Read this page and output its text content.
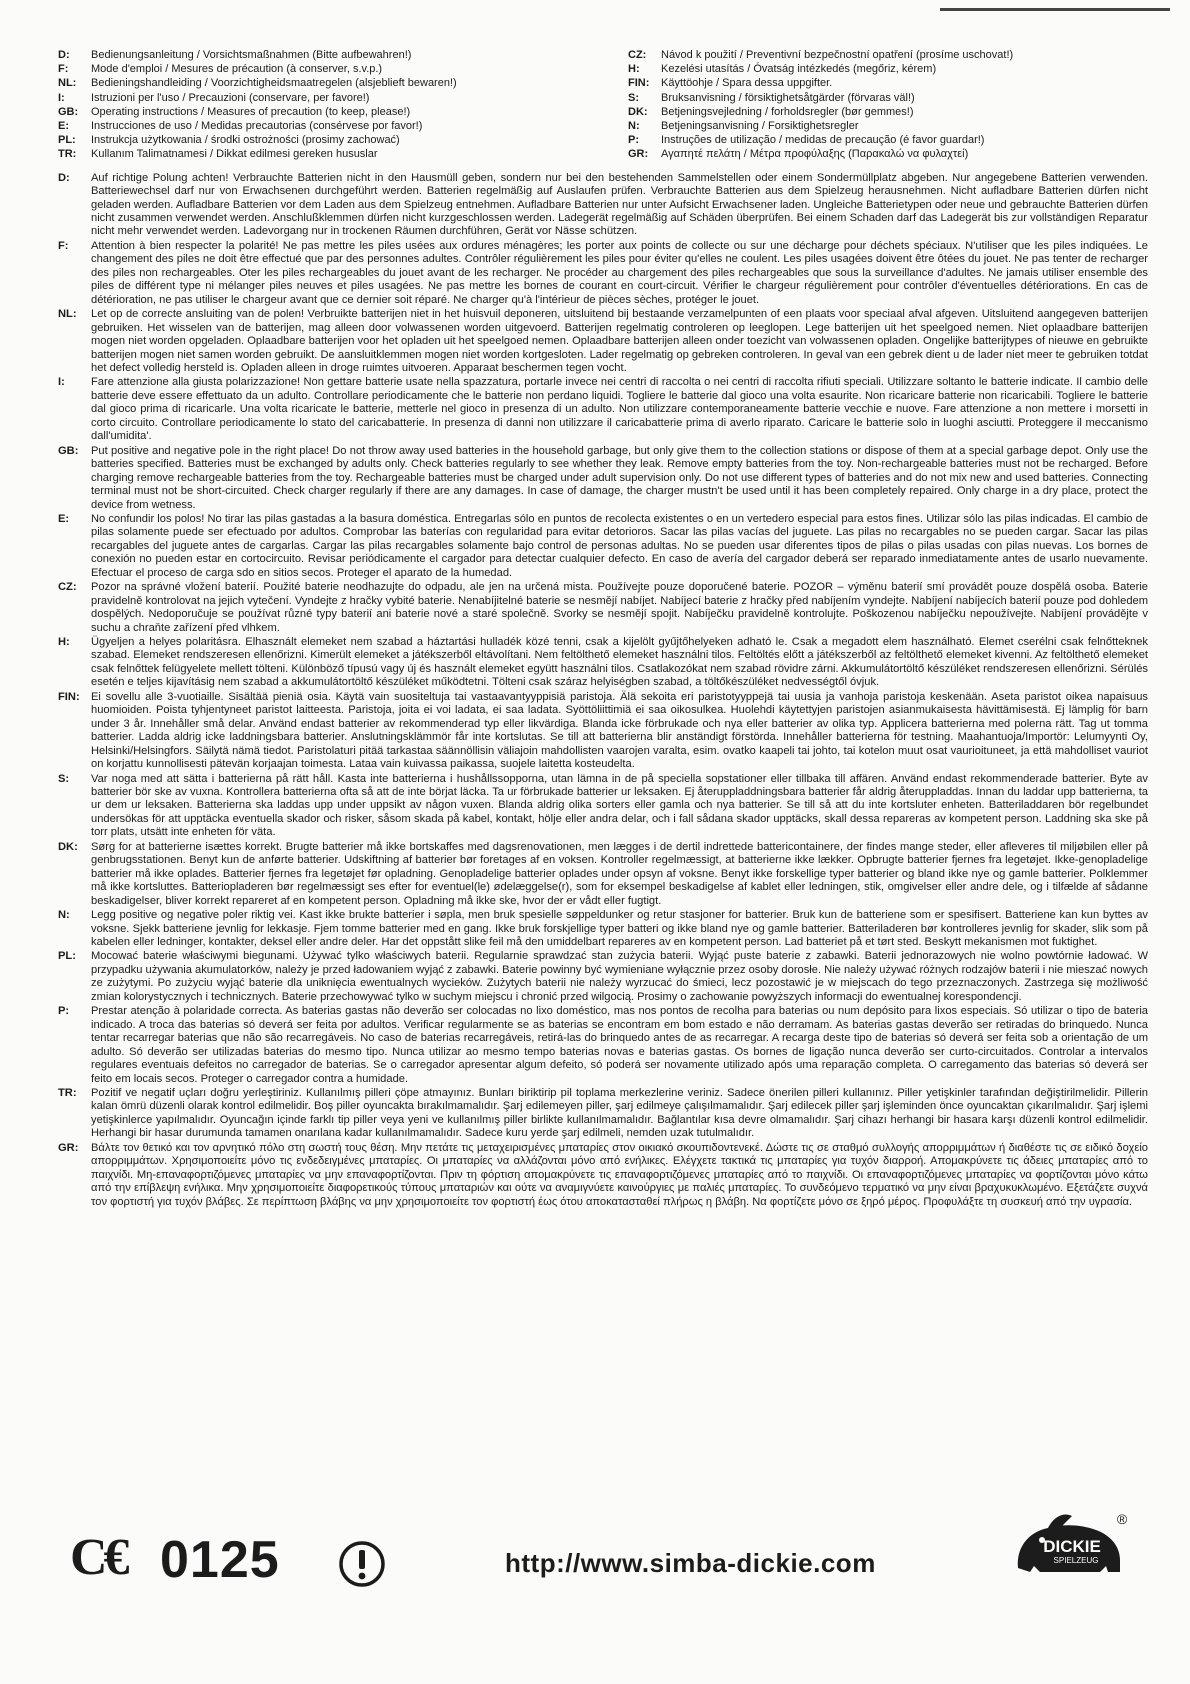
D:	Bedienungsanleitung / Vorsichtsmaßnahmen (Bitte aufbewahren!)
F:	Mode d'emploi / Mesures de précaution (à conserver, s.v.p.)
NL:	Bedieningshandleiding / Voorzichtigheidsmaatregelen (alsjeblieft bewaren!)
I:	Istruzioni per l'uso / Precauzioni (conservare, per favore!)
GB:	Operating instructions / Measures of precaution (to keep, please!)
E:	Instrucciones de uso / Medidas precautorias (consérvese por favor!)
PL:	Instrukcja użytkowania / środki ostrożności (prosimy zachować)
TR:	Kullanım Talimatnamesi / Dikkat edilmesi gereken hususlar
CZ:	Návod k použití / Preventivní bezpečnostní opatření (prosíme uschovat!)
H:	Kezelési utasítás / Óvatság intézkedés (megőriz, kérem)
FIN:	Käyttöohje / Spara dessa uppgifter.
S:	Bruksanvisning / försiktighetsåtgärder (förvaras väl!)
DK:	Betjeningsvejledning / forholdsregler (bør gemmes!)
N:	Betjeningsanvisning / Forsiktighetsregler
P:	Instruções de utilização / medidas de precaução (é favor guardar!)
GR:	Αγαπητέ πελάτη / Μέτρα προφύλαξης (Παρακαλώ να φυλαχτεί)
D:	Auf richtige Polung achten! Verbrauchte Batterien nicht in den Hausmüll geben, sondern nur bei den bestehenden Sammelstellen oder einem Sondermüllplatz abgeben. Nur angegebene Batterien verwenden. Batteriewechsel darf nur von Erwachsenen durchgeführt werden. Batterien regelmäßig auf Auslaufen prüfen. Verbrauchte Batterien aus dem Spielzeug herausnehmen. Nicht aufladbare Batterien dürfen nicht geladen werden. Aufladbare Batterien vor dem Laden aus dem Spielzeug entnehmen. Aufladbare Batterien nur unter Aufsicht Erwachsener laden. Ungleiche Batterietypen oder neue und gebrauchte Batterien dürfen nicht zusammen verwendet werden. Anschlußklemmen dürfen nicht kurzgeschlossen werden. Ladegerät regelmäßig auf Schäden überprüfen. Bei einem Schaden darf das Ladegerät bis zur vollständigen Reparatur nicht mehr verwendet werden. Ladevorgang nur in trockenen Räumen durchführen, Gerät vor Nässe schützen.
F:	Attention à bien respecter la polarité! Ne pas mettre les piles usées aux ordures ménagères; les porter aux points de collecte ou sur une décharge pour déchets spéciaux. N'utiliser que les piles indiquées. Le changement des piles ne doit être effectué que par des personnes adultes. Contrôler régulièrement les piles pour éviter qu'elles ne coulent. Les piles usagées doivent être ôtées du jouet. Ne pas tenter de recharger des piles non rechargeables. Oter les piles rechargeables du jouet avant de les recharger. Ne procéder au chargement des piles rechargeables que sous la surveillance d'adultes. Ne jamais utiliser ensemble des piles de différent type ni mélanger piles neuves et piles usagées. Ne pas mettre les bornes de courant en court-circuit. Vérifier le chargeur régulièrement pour contrôler d'éventuelles détériorations. En cas de détérioration, ne pas utiliser le chargeur avant que ce dernier soit réparé. Ne charger qu'à l'intérieur de pièces sèches, protéger le jouet.
NL:	Let op de correcte ansluiting van de polen! Verbruikte batterijen niet in het huisvuil deponeren, uitsluitend bij bestaande verzamelpunten of een plaats voor speciaal afval afgeven. Uitsluitend aangegeven batterijen gebruiken. Het wisselen van de batterijen, mag alleen door volwassenen worden uitgevoerd. Batterijen regelmatig controleren op leeglopen. Lege batterijen uit het speelgoed nemen. Niet oplaadbare batterijen mogen niet worden opgeladen. Oplaadbare batterijen voor het opladen uit het speelgoed nemen. Oplaadbare batterijen alleen onder toezicht van volwassenen opladen. Ongelijke batterijtypes of nieuwe en gebruikte batterijen mogen niet samen worden gebruikt. De aansluitklemmen mogen niet worden kortgesloten. Lader regelmatig op gebreken controleren. In geval van een gebrek dient u de lader niet meer te gebruiken totdat het defect volledig hersteld is. Opladen alleen in droge ruimtes uitvoeren. Apparaat beschermen tegen vocht.
I:	Fare attenzione alla giusta polarizzazione! Non gettare batterie usate nella spazzatura, portarle invece nei centri di raccolta o nei centri di raccolta rifiuti speciali. Utilizzare soltanto le batterie indicate. Il cambio delle batterie deve essere effettuato da un adulto. Controllare periodicamente che le batterie non perdano liquidi. Togliere le batterie dal gioco una volta esaurite. Non ricaricare batterie non ricaricabili. Togliere le batterie dal gioco prima di ricaricarle. Una volta ricaricate le batterie, metterle nel gioco in presenza di un adulto. Non utilizzare contemporaneamente batterie vecchie e nuove. Fare attenzione a non mettere i morsetti in corto circuito. Controllare periodicamente lo stato del caricabatterie. In presenza di danni non utilizzare il caricabatterie prima di averlo riparato. Caricare le batterie solo in luoghi asciutti. Proteggere il meccanismo dall'umidita'.
GB:	Put positive and negative pole in the right place! Do not throw away used batteries in the household garbage, but only give them to the collection stations or dispose of them at a special garbage depot. Only use the batteries specified. Batteries must be exchanged by adults only. Check batteries regularly to see whether they leak. Remove empty batteries from the toy. Non-rechargeable batteries must not be recharged. Before charging remove rechargeable batteries from the toy. Rechargeable batteries must be charged under adult supervision only. Do not use different types of batteries and do not mix new and used batteries. Connecting terminal must not be short-circuited. Check charger regularly if there are any damages. In case of damage, the charger mustn't be used until it has been completely repaired. Only charge in a dry place, protect the device from wetness.
E:	No confundir los polos! No tirar las pilas gastadas a la basura doméstica. Entregarlas sólo en puntos de recolecta existentes o en un vertedero especial para estos fines. Utilizar sólo las pilas indicadas. El cambio de pilas solamente puede ser efectuado por adultos. Comprobar las baterías con regularidad para evitar detorioros. Sacar las pilas vacías del juguete. Las pilas no recargables no se pueden cargar. Sacar las pilas recargables del juguete antes de cargarlas. Cargar las pilas recargables solamente bajo control de personas adultas. No se pueden usar diferentes tipos de pilas o pilas usadas con pilas nuevas. Los bornes de conexión no pueden estar en cortocircuito. Revisar periódicamente el cargador para detectar cualquier defecto. En caso de avería del cargador deberá ser reparado inmediatamente antes de usarlo nuevamente. Efectuar el proceso de carga sdo en sitios secos. Proteger el aparato de la humedad.
CZ:	Pozor na správné vložení baterií. Použité baterie neodhazujte do odpadu, ale jen na určená mista. Používejte pouze doporučené baterie. POZOR – výměnu baterií smí provádět pouze dospělá osoba. Baterie pravidelně kontrolovat na jejich vytečení. Vyndejte z hračky vybité baterie. Nenabíjitelné baterie se nesmějí nabíjet. Nabíjecí baterie z hračky před nabíjením vyndejte. Nabíjení nabíjecích baterií pouze pod dohledem dospělých. Nedoporučuje se používat různé typy baterií ani baterie nové a staré společně. Svorky se nesmějí spojit. Nabíječku pravidelně kontrolujte. Poškozenou nabíječku nepoužívejte. Nabíjení provádějte v suchu a chraňte zařízení před vlhkem.
H:	Ügyeljen a helyes polaritásra. Elhasznált elemeket nem szabad a háztartási hulladék közé tenni, csak a kijelölt gyűjtőhelyeken adható le. Csak a megadott elem használható. Elemet cserélni csak felnőtteknek szabad. Elemeket rendszeresen ellenőrizni. Kimerült elemeket a játékszerből eltávolítani. Nem feltölthető elemeket használni tilos. Feltöltés előtt a játékszerből az feltölthető elemeket kivenni. Az feltölthető elemeket csak felnőttek felügyelete mellett tölteni. Különböző típusú vagy új és használt elemeket együtt használni tilos. Csatlakozókat nem szabad rövidre zárni. Akkumulátortöltő készüléket rendszeresen ellenőrizni. Sérülés esetén e teljes kijavításig nem szabad a akkumulátortöltő készüléket működtetni. Tölteni csak száraz helyiségben szabad, a töltőkészüléket nedvességtől óvjuk.
FIN:	Ei sovellu alle 3-vuotiaille. Sisältää pieniä osia. Käytä vain suositeltuja tai vastaavantyyppisiä paristoja. Älä sekoita eri paristotyyppejä tai uusia ja vanhoja paristoja keskenään. Aseta paristot oikea napaisuus huomioiden. Poista tyhjentyneet paristot laitteesta. Paristoja, joita ei voi ladata, ei saa ladata. Syöttöliittimiä ei saa oikosulkea. Huolehdi käytettyjen paristojen asianmukaisesta hävittämisestä. Ej lämplig för barn under 3 år. Innehåller små delar. Använd endast batterier av rekommenderad typ eller likvärdiga. Blanda icke förbrukade och nya eller batterier av olika typ. Applicera batterierna med polerna rätt. Tag ut tomma batterier. Ladda aldrig icke laddningsbara batterier. Anslutningsklämmör får inte kortslutas. Se till att batterierna blir anständigt förstörda. Innehåller batterierna för testning. Maahantuoja/Importör: Lelumyynti Oy, Helsinki/Helsingfors. Säilytä nämä tiedot. Paristolaturi pitää tarkastaa säännöllisin väliajoin mahdollisten vaarojen varalta, esim. ovatko kaapeli tai johto, tai kotelon muut osat vaurioituneet, ja että mahdolliset vauriot on korjattu kunnollisesti pätevän korjaajan toimesta. Lataa vain kuivassa paikassa, suojele laitetta kosteudelta.
S:	Var noga med att sätta i batterierna på rätt håll. Kasta inte batterierna i hushållssopporna, utan lämna in de på speciella sopstationer eller tillbaka till affären. Använd endast rekommenderade batterier. Byte av batterier bör ske av vuxna. Kontrollera batterierna ofta så att de inte börjat läcka. Ta ur förbrukade batterier ur leksaken. Ej återuppladdningsbara batterier får aldrig återuppladdas. Innan du laddar upp batterierna, ta ur dem ur leksaken. Batterierna ska laddas upp under uppsikt av någon vuxen. Blanda aldrig olika sorters eller gamla och nya batterier. Se till så att du inte kortsluter enheten. Batteriladdaren bör regelbundet undersökas för att upptäcka eventuella skador och risker, såsom skada på kabel, kontakt, hölje eller andra delar, och i fall sådana skador upptäcks, skall dessa repareras av kompetent person. Laddning ska ske på torr plats, utsätt inte enheten för väta.
DK:	Sørg for at batterierne isættes korrekt. Brugte batterier må ikke bortskaffes med dagsrenovationen, men lægges i de dertil indrettede battericontainere, der findes mange steder, eller afleveres til miljøbilen eller på genbrugsstationen. Benyt kun de anførte batterier. Udskiftning af batterier bør foretages af en voksen. Kontroller regelmæssigt, at batterierne ikke lækker. Opbrugte batterier fjernes fra legetøjet. Ikke-genopladelige batterier må ikke oplades. Batterier fjernes fra legetøjet før opladning. Genopladelige batterier oplades under opsyn af voksne. Benyt ikke forskellige typer batterier og bland ikke nye og gamle batterier. Polklemmer må ikke kortsluttes. Batteriopladeren bør regelmæssigt ses efter for eventuel(le) ødelæggelse(r), som for eksempel beskadigelse af kablet eller ledningen, stik, omgivelser eller andre dele, og i tilfælde af sådanne beskadigelser, bliver korrekt repareret af en kompetent person. Opladning må ikke ske, hvor der er vådt eller fugtigt.
N:	Legg positive og negative poler riktig vei. Kast ikke brukte batterier i søpla, men bruk spesielle søppeldunker og retur stasjoner for batterier. Bruk kun de batteriene som er spesifisert. Batteriene kan kun byttes av voksne. Sjekk batteriene jevnlig for lekkasje. Fjem tomme batterier med en gang. Ikke bruk forskjellige typer batteri og ikke bland nye og gamle batterier. Batteriladeren bør kontrolleres jevnlig for skader, slik som på kabelen eller ledninger, kontakter, deksel eller andre deler. Har det oppstått slike feil må den umiddelbart repareres av en kompetent person. Lad batteriet på et tørt sted. Beskytt mekanismen mot fuktighet.
PL:	Mocować baterie właściwymi biegunami. Używać tylko właściwych baterii. Regularnie sprawdzać stan zużycia baterii. Wyjąć puste baterie z zabawki. Baterii jednorazowych nie wolno powtórnie ładować. W przypadku używania akumulatorków, należy je przed ładowaniem wyjąć z zabawki. Baterie powinny być wymieniane wyłącznie przez osoby dorosłe. Nie należy używać różnych rodzajów baterii i nie mieszać nowych ze zużytymi. Po zużyciu wyjąć baterie dla uniknięcia ewentualnych wycieków. Zużytych baterii nie należy wyrzucać do śmieci, lecz pozostawić je w miejscach do tego przeznaczonych. Zastrzega się możliwość zmian kolorystycznych i technicznych. Baterie przechowywać tylko w suchym miejscu i chronić przed wilgocią. Prosimy o zachowanie powyższych informacji do ewentualnej korespondencji.
P:	Prestar atenção à polaridade correcta. As baterias gastas não deverão ser colocadas no lixo doméstico, mas nos pontos de recolha para baterias ou num depósito para lixos especiais. Só utilizar o tipo de bateria indicado. A troca das baterias só deverá ser feita por adultos. Verificar regularmente se as baterias se encontram em bom estado e não derramam. As baterias gastas deverão ser retiradas do brinquedo. Nunca tentar recarregar baterias que não são recarregáveis. No caso de baterias recarregáveis, retirá-las do brinquedo antes de as recarregar. A recarga deste tipo de baterias só deverá ser feita sob a orientação de um adulto. Só deverão ser utilizadas baterias do mesmo tipo. Nunca utilizar ao mesmo tempo baterias novas e baterias gastas. Os bornes de ligação nunca deverão ser curto-circuitados. Controlar a intervalos regulares eventuais defeitos no carregador de baterias. Se o carregador apresentar algum defeito, só poderá ser novamente utilizado após uma reparação completa. O carregamento das baterias só deverá ser feito em locais secos. Proteger o carregador contra a humidade.
TR:	Pozitif ve negatif uçları doğru yerleştiriniz. Kullanılmış pilleri çöpe atmayınız. Bunları biriktirip pil toplama merkezlerine veriniz. Sadece önerilen pilleri kullanınız. Piller yetişkinler tarafından değiştirilmelidir. Pillerin kalan ömrü düzenli olarak kontrol edilmelidir. Boş piller oyuncakta bırakılmamalıdır. Şarj edilemeyen piller, şarj edilmeye çalışılmamalıdır. Şarj edilecek piller şarj işleminden önce oyuncaktan çıkarılmalıdır. Şarj işlemi yetişkinlerce yapılmalıdır. Oyuncağın içinde farklı tip piller veya yeni ve kullanılmış piller birlikte kullanılmamalıdır. Bağlantılar kısa devre olmamalıdır. Şarj cihazı herhangi bir hasara karşı düzenli kontrol edilmelidir. Herhangi bir hasar durumunda tamamen onarılana kadar kullanılmamalıdır. Sadece kuru yerde şarj edilmeli, nemden uzak tutulmalıdır.
GR:	Βάλτε τον θετικό και τον αρνητικό πόλο στη σωστή τους θέση. Μην πετάτε τις μεταχειρισμένες μπαταρίες στον οικιακό σκουπιδοντενεκέ. Δώστε τις σε σταθμό συλλογής απορριμμάτων ή διαθέστε τις σε ειδικό δοχείο απορριμμάτων. Χρησιμοποιείτε μόνο τις ενδεδειγμένες μπαταρίες. Οι μπαταρίες να αλλάζονται μόνο από ενήλικες. Ελέγχετε τακτικά τις μπαταρίες για τυχόν διαρροή. Απομακρύνετε τις άδειες μπαταρίες από το παιχνίδι. Μη-επαναφορτιζόμενες μπαταρίες να μην επαναφορτίζονται. Πριν τη φόρτιση απομακρύνετε τις επαναφορτιζόμενες μπαταρίες από το παιχνίδι. Οι επαναφορτιζόμενες μπαταρίες να φορτίζονται μόνο κάτω από την επίβλεψη ενήλικα. Μην χρησιμοποιείτε διαφορετικούς τύπους μπαταριών και ούτε να αναμιγνύετε καινούργιες με παλιές μπαταρίες. Το συνδεόμενο τερματικό να μην είναι βραχυκυκλωμένο. Εξετάζετε συχνά τον φορτιστή για τυχόν βλάβες. Σε περίπτωση βλάβης να μην χρησιμοποιείτε τον φορτιστή έως ότου αποκατασταθεί πλήρως η βλάβη. Να φορτίζετε μόνο σε ξηρό μέρος. Προφυλάξτε τη συσκευή από την υγρασία.
C€ 0125	http://www.simba-dickie.com
DICKIE
SPIELZEUG
®
